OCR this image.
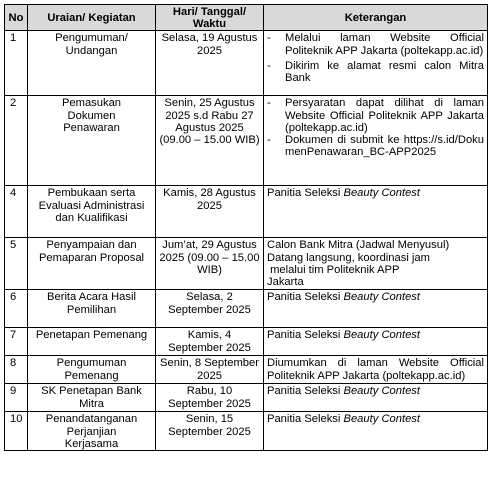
No	Uraian/ Kegiatan	Hari/ Tanggal/ Waktu	Keterangan
1	Pengumuman/ Undangan	Selasa, 19 Agustus 2025	- Melalui laman Website Official Politeknik APP Jakarta (poltekapp.ac.id)
- Dikirim ke alamat resmi calon Mitra Bank

2	Pemasukan Dokumen Penawaran	Senin, 25 Agustus 2025 s.d Rabu 27 Agustus 2025 (09.00 – 15.00 WIB)	- Persyaratan dapat dilihat di laman Website Official Politeknik APP Jakarta (poltekapp.ac.id)
- Dokumen di submit ke https://s.id/DokumenPenawaran_BC-APP2025

4	Pembukaan serta Evaluasi Administrasi dan Kualifikasi	Kamis, 28 Agustus 2025	Panitia Seleksi Beauty Contest
5	Penyampaian dan Pemaparan Proposal	Jum’at, 29 Agustus 2025 (09.00 – 15.00 WIB)	Calon Bank Mitra (Jadwal Menyusul)
Datang langsung, koordinasi jam
melalui tim Politeknik APP
Jakarta

6	Berita Acara Hasil Pemilihan	Selasa, 2 September 2025	Panitia Seleksi Beauty Contest
7	Penetapan Pemenang	Kamis, 4 September 2025	Panitia Seleksi Beauty Contest
8	Pengumuman Pemenang	Senin, 8 September 2025	Diumumkan di laman Website Official Politeknik APP Jakarta (poltekapp.ac.id)
9	SK Penetapan Bank Mitra	Rabu, 10 September 2025	Panitia Seleksi Beauty Contest
10	Penandatanganan Perjanjian Kerjasama	Senin, 15 September 2025	Panitia Seleksi Beauty Contest
